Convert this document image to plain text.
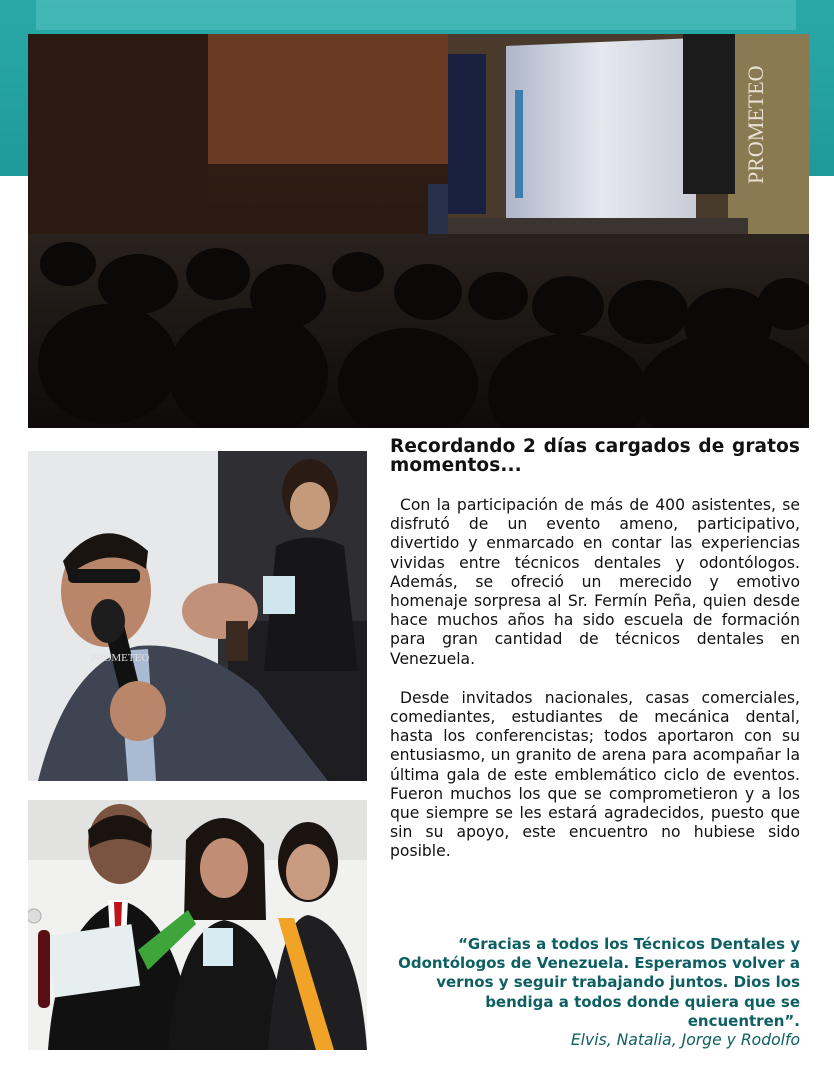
PROMETEO
PROMETEO
Recordando 2 días cargados de gratos momentos...

Con la participación de más de 400 asistentes, se disfrutó de un evento ameno, participativo, divertido y enmarcado en contar las experiencias vividas entre técnicos dentales y odontólogos. Además, se ofreció un merecido y emotivo homenaje sorpresa al Sr. Fermín Peña, quien desde hace muchos años ha sido escuela de formación para gran cantidad de técnicos dentales en Venezuela.

Desde invitados nacionales, casas comerciales, comediantes, estudiantes de mecánica dental, hasta los conferencistas; todos aportaron con su entusiasmo, un granito de arena para acompañar la última gala de este emblemático ciclo de eventos. Fueron muchos los que se comprometieron y a los que siempre se les estará agradecidos, puesto que sin su apoyo, este encuentro no hubiese sido posible.

“Gracias a todos los Técnicos Dentales y Odontólogos de Venezuela. Esperamos volver a vernos y seguir trabajando juntos. Dios los bendiga a todos donde quiera que se encuentren”.

Elvis, Natalia, Jorge y Rodolfo
